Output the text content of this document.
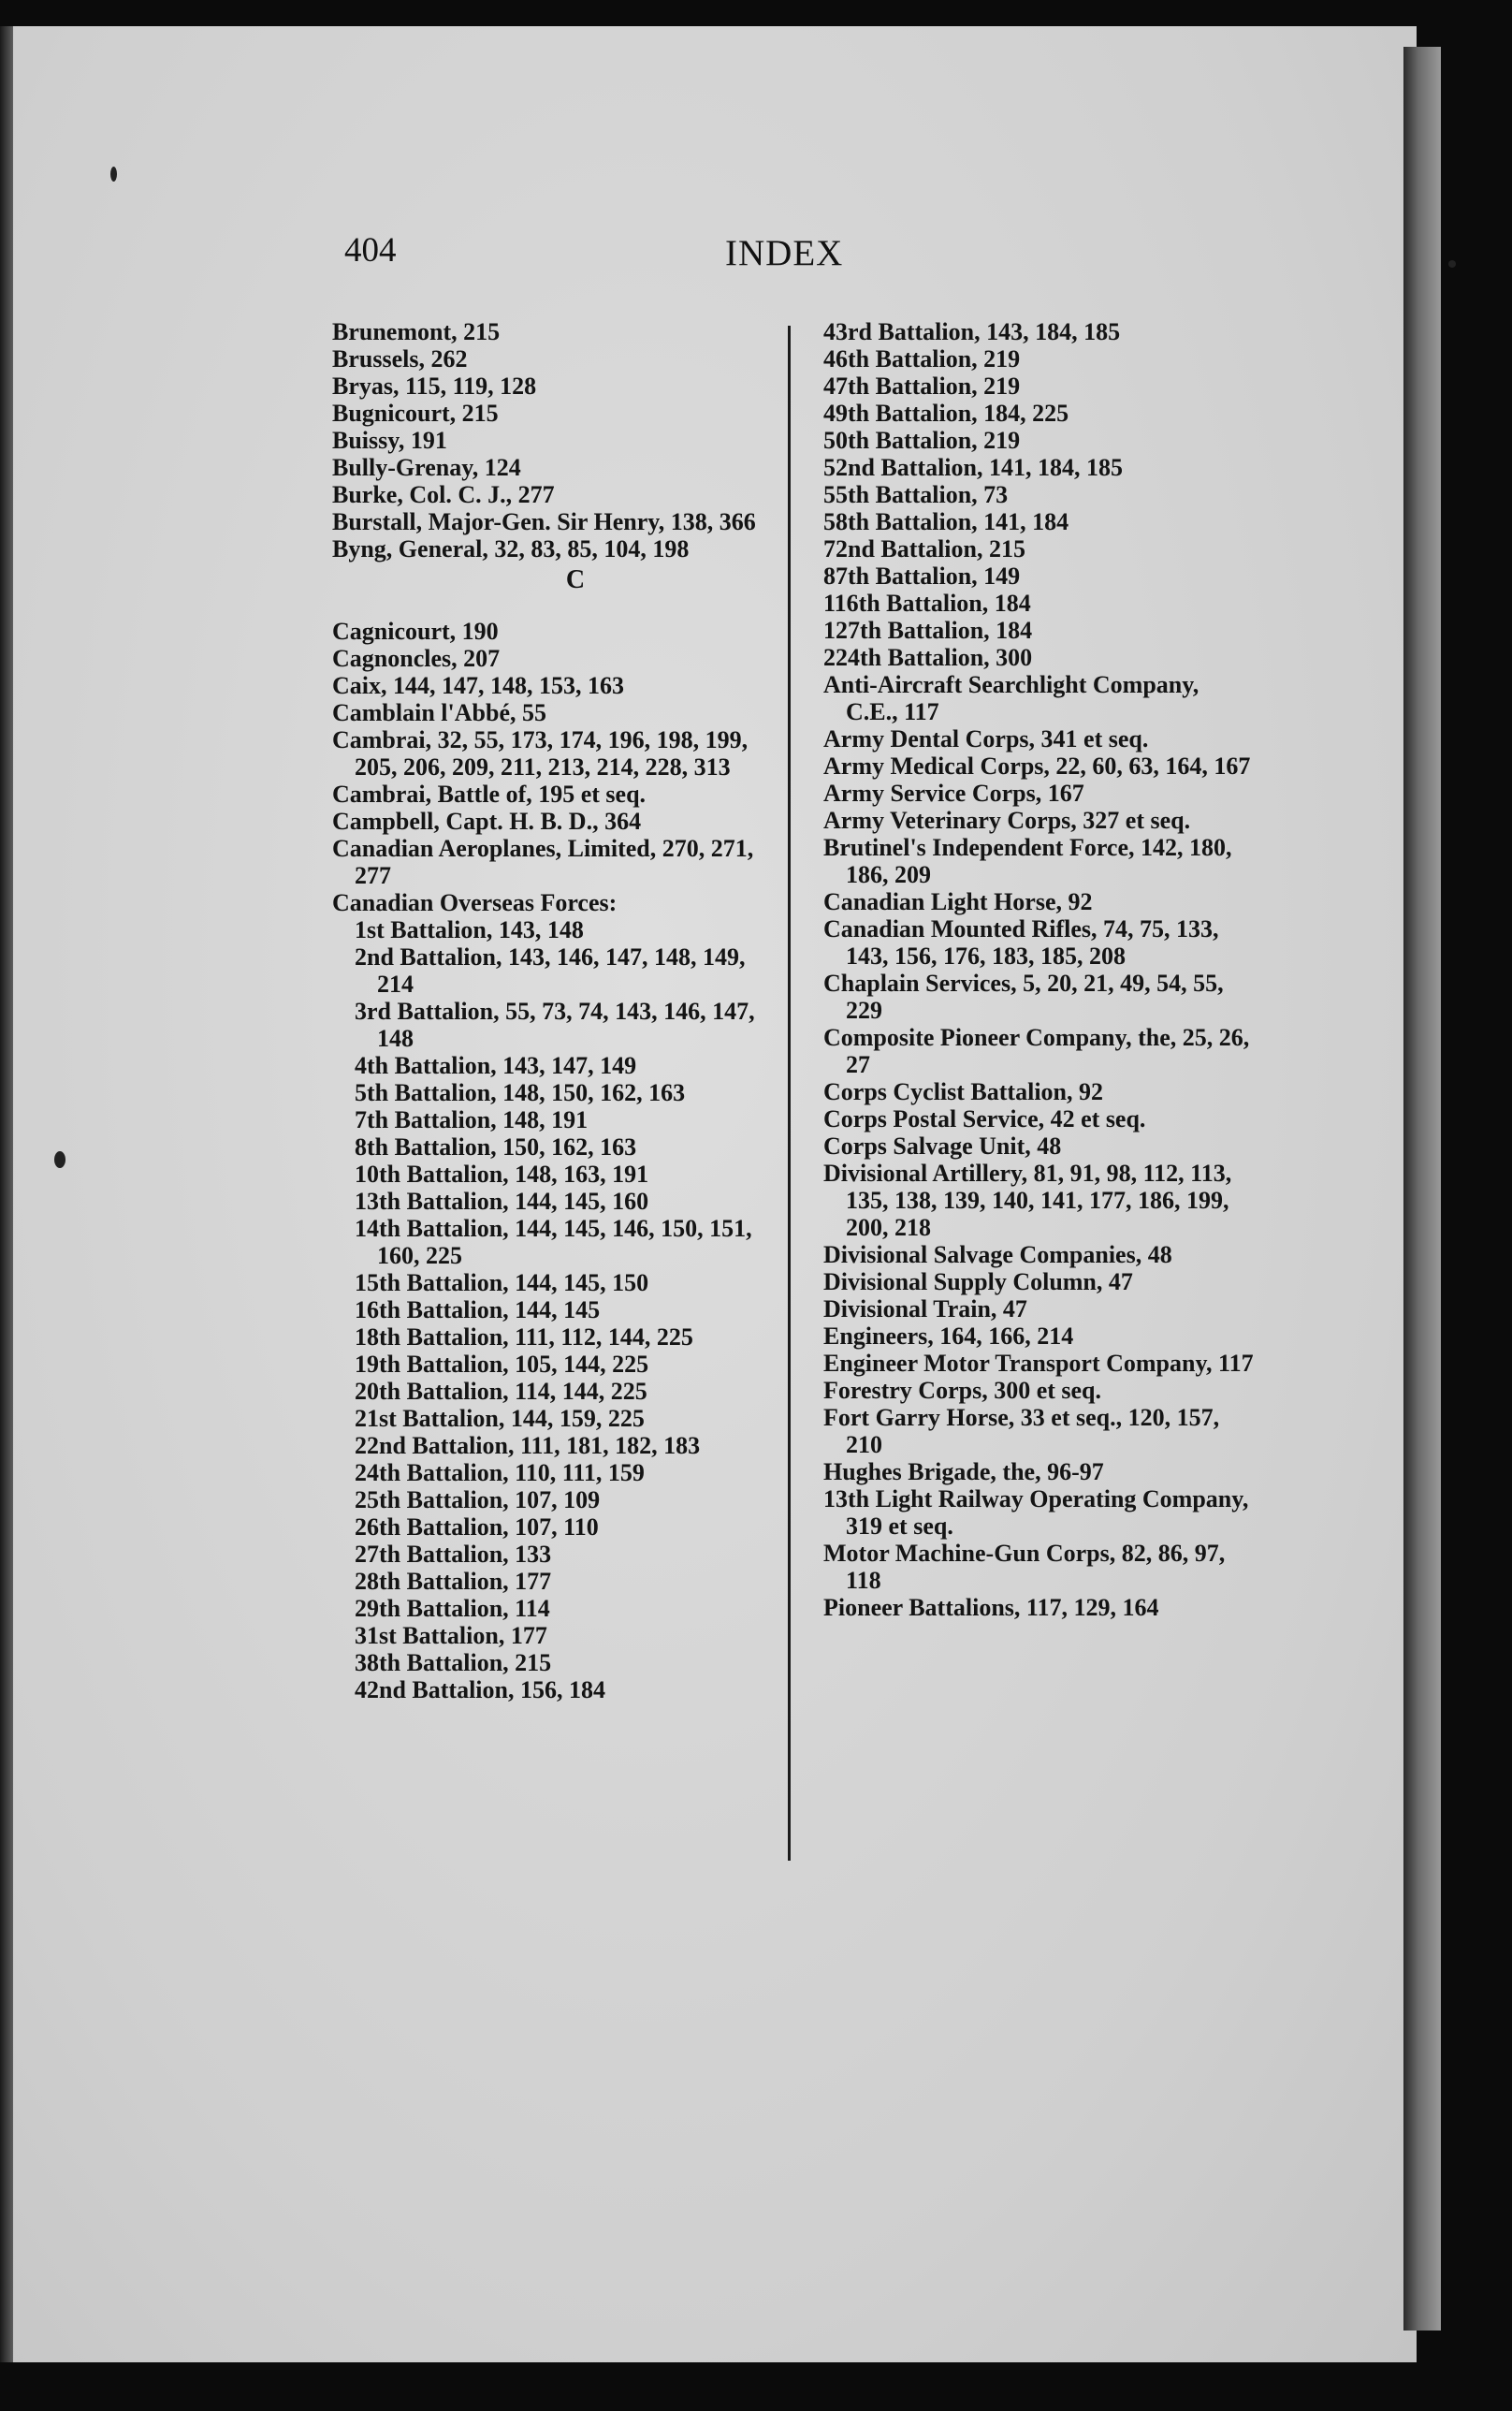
404	INDEX
Brunemont, 215
Brussels, 262
Bryas, 115, 119, 128
Bugnicourt, 215
Buissy, 191
Bully-Grenay, 124
Burke, Col. C. J., 277
Burstall, Major-Gen. Sir Henry, 138, 366
Byng, General, 32, 83, 85, 104, 198
C
Cagnicourt, 190
Cagnoncles, 207
Caix, 144, 147, 148, 153, 163
Camblain l'Abbé, 55
Cambrai, 32, 55, 173, 174, 196, 198, 199, 205, 206, 209, 211, 213, 214, 228, 313
Cambrai, Battle of, 195 et seq.
Campbell, Capt. H. B. D., 364
Canadian Aeroplanes, Limited, 270, 271, 277
Canadian Overseas Forces:
1st Battalion, 143, 148
2nd Battalion, 143, 146, 147, 148, 149, 214
3rd Battalion, 55, 73, 74, 143, 146, 147, 148
4th Battalion, 143, 147, 149
5th Battalion, 148, 150, 162, 163
7th Battalion, 148, 191
8th Battalion, 150, 162, 163
10th Battalion, 148, 163, 191
13th Battalion, 144, 145, 160
14th Battalion, 144, 145, 146, 150, 151, 160, 225
15th Battalion, 144, 145, 150
16th Battalion, 144, 145
18th Battalion, 111, 112, 144, 225
19th Battalion, 105, 144, 225
20th Battalion, 114, 144, 225
21st Battalion, 144, 159, 225
22nd Battalion, 111, 181, 182, 183
24th Battalion, 110, 111, 159
25th Battalion, 107, 109
26th Battalion, 107, 110
27th Battalion, 133
28th Battalion, 177
29th Battalion, 114
31st Battalion, 177
38th Battalion, 215
42nd Battalion, 156, 184
43rd Battalion, 143, 184, 185
46th Battalion, 219
47th Battalion, 219
49th Battalion, 184, 225
50th Battalion, 219
52nd Battalion, 141, 184, 185
55th Battalion, 73
58th Battalion, 141, 184
72nd Battalion, 215
87th Battalion, 149
116th Battalion, 184
127th Battalion, 184
224th Battalion, 300
Anti-Aircraft Searchlight Company, C.E., 117
Army Dental Corps, 341 et seq.
Army Medical Corps, 22, 60, 63, 164, 167
Army Service Corps, 167
Army Veterinary Corps, 327 et seq.
Brutinel's Independent Force, 142, 180, 186, 209
Canadian Light Horse, 92
Canadian Mounted Rifles, 74, 75, 133, 143, 156, 176, 183, 185, 208
Chaplain Services, 5, 20, 21, 49, 54, 55, 229
Composite Pioneer Company, the, 25, 26, 27
Corps Cyclist Battalion, 92
Corps Postal Service, 42 et seq.
Corps Salvage Unit, 48
Divisional Artillery, 81, 91, 98, 112, 113, 135, 138, 139, 140, 141, 177, 186, 199, 200, 218
Divisional Salvage Companies, 48
Divisional Supply Column, 47
Divisional Train, 47
Engineers, 164, 166, 214
Engineer Motor Transport Company, 117
Forestry Corps, 300 et seq.
Fort Garry Horse, 33 et seq., 120, 157, 210
Hughes Brigade, the, 96-97
13th Light Railway Operating Company, 319 et seq.
Motor Machine-Gun Corps, 82, 86, 97, 118
Pioneer Battalions, 117, 129, 164
